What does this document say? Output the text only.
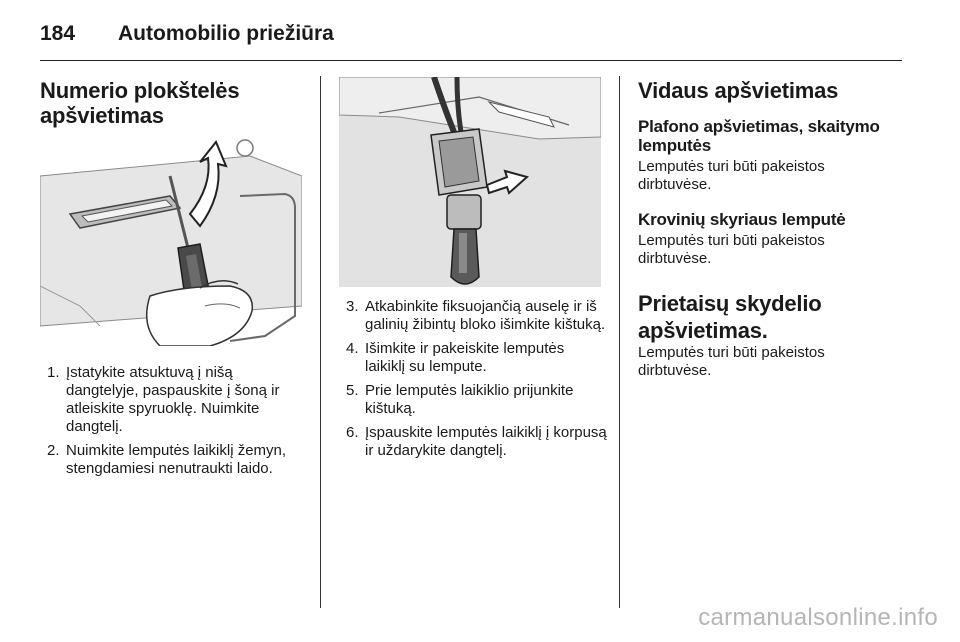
184 Automobilio priežiūra
Numerio plokštelės apšvietimas
1. Įstatykite atsuktuvą į nišą dangtelyje, paspauskite į šoną ir atleiskite spyruoklę. Nuimkite dangtelį.
2. Nuimkite lemputės laikiklį žemyn, stengdamiesi nenutraukti laido.
3. Atkabinkite fiksuojančią auselę ir iš galinių žibintų bloko išimkite kištuką.
4. Išimkite ir pakeiskite lemputės laikiklį su lempute.
5. Prie lemputės laikiklio prijunkite kištuką.
6. Įspauskite lemputės laikiklį į korpusą ir uždarykite dangtelį.
Vidaus apšvietimas
Plafono apšvietimas, skaitymo lemputės

Lemputės turi būti pakeistos dirbtuvėse.

Krovinių skyriaus lemputė

Lemputės turi būti pakeistos dirbtuvėse.

Prietaisų skydelio apšvietimas.

Lemputės turi būti pakeistos dirbtuvėse.

carmanualsonline.info
